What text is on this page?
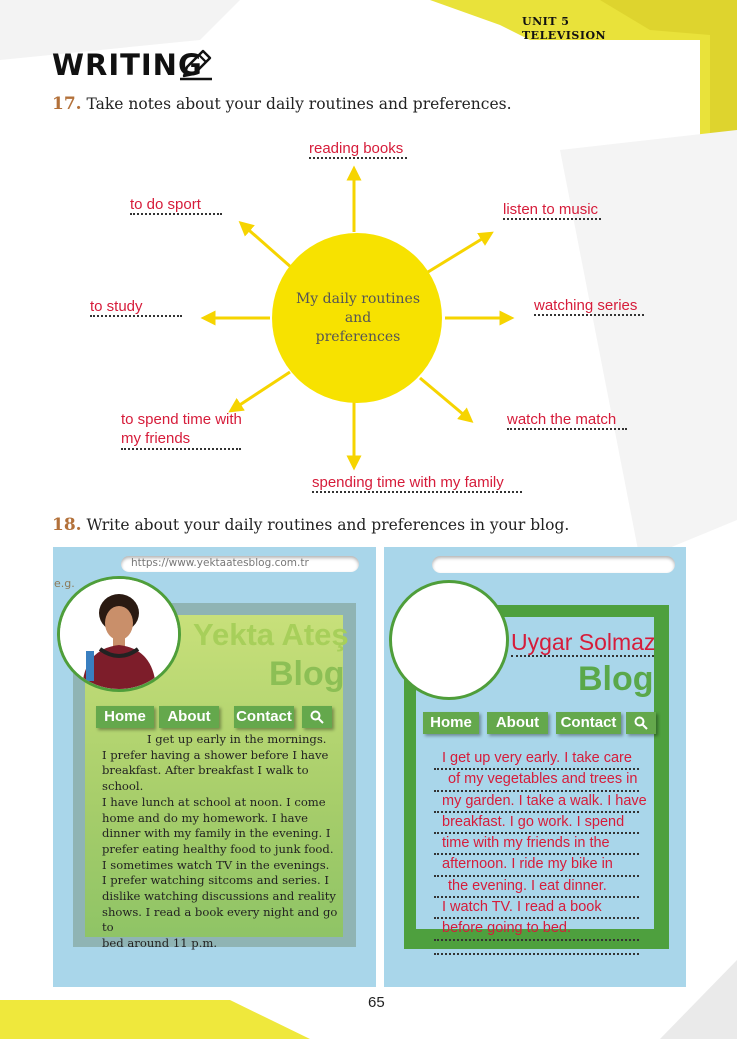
UNIT 5
TELEVISION
WRITING
17. Take notes about your daily routines and preferences.
My daily routines
and
preferences
reading books
listen to music
watching series
watch the match
spending time with my family
to spend time with
my friends
to study
to do sport
18. Write about your daily routines and preferences in your blog.
https://www.yektaatesblog.com.tr
e.g.
Yekta Ateş
Blog
Home	About	Contact
I get up early in the mornings.
I prefer having a shower before I have
breakfast. After breakfast I walk to school.
I have lunch at school at noon. I come
home and do my homework. I have
dinner with my family in the evening. I
prefer eating healthy food to junk food.
I sometimes watch TV in the evenings.
I prefer watching sitcoms and series. I
dislike watching discussions and reality
shows. I read a book every night and go to
bed around 11 p.m.
Uygar Solmaz
Blog
Home	About	Contact
I get up very early. I take care
of my vegetables and trees in
my garden. I take a walk. I have
breakfast. I go work. I spend
time with my friends in the
afternoon. I ride my bike in
the evening. I eat dinner.
I watch TV. I read a book
before going to bed.
65
